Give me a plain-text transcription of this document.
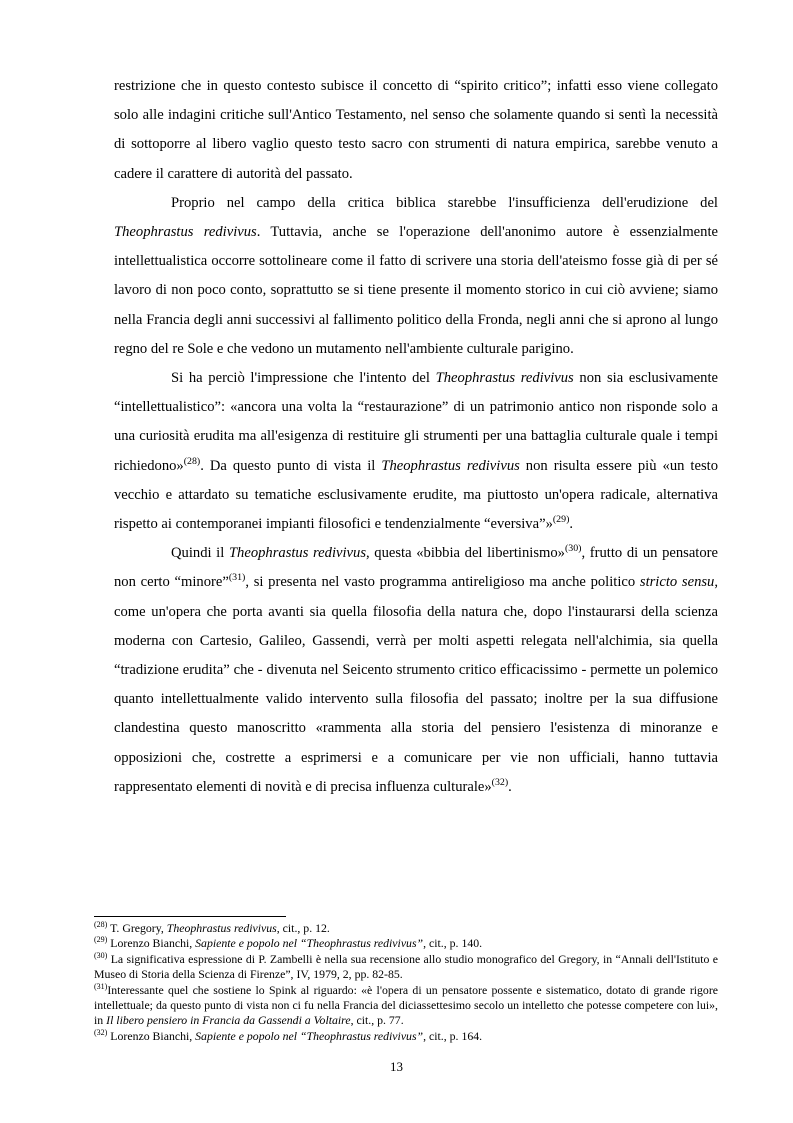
restrizione che in questo contesto subisce il concetto di “spirito critico”; infatti esso viene collegato solo alle indagini critiche sull'Antico Testamento, nel senso che solamente quando si sentì la necessità di sottoporre al libero vaglio questo testo sacro con strumenti di natura empirica, sarebbe venuto a cadere il carattere di autorità del passato.

Proprio nel campo della critica biblica starebbe l'insufficienza dell'erudizione del Theophrastus redivivus. Tuttavia, anche se l'operazione dell'anonimo autore è essenzialmente intellettualistica occorre sottolineare come il fatto di scrivere una storia dell'ateismo fosse già di per sé lavoro di non poco conto, soprattutto se si tiene presente il momento storico in cui ciò avviene; siamo nella Francia degli anni successivi al fallimento politico della Fronda, negli anni che si aprono al lungo regno del re Sole e che vedono un mutamento nell'ambiente culturale parigino.

Si ha perciò l'impressione che l'intento del Theophrastus redivivus non sia esclusivamente “intellettualistico”: «ancora una volta la “restaurazione” di un patrimonio antico non risponde solo a una curiosità erudita ma all'esigenza di restituire gli strumenti per una battaglia culturale quale i tempi richiedono»$^{(28)}$. Da questo punto di vista il Theophrastus redivivus non risulta essere più «un testo vecchio e attardato su tematiche esclusivamente erudite, ma piuttosto un'opera radicale, alternativa rispetto ai contemporanei impianti filosofici e tendenzialmente “eversiva”»$^{(29)}$.

Quindi il Theophrastus redivivus, questa «bibbia del libertinismo»$^{(30)}$, frutto di un pensatore non certo “minore”$^{(31)}$, si presenta nel vasto programma antireligioso ma anche politico stricto sensu, come un'opera che porta avanti sia quella filosofia della natura che, dopo l'instaurarsi della scienza moderna con Cartesio, Galileo, Gassendi, verrà per molti aspetti relegata nell'alchimia, sia quella “tradizione erudita” che - divenuta nel Seicento strumento critico efficacissimo - permette un polemico quanto intellettualmente valido intervento sulla filosofia del passato; inoltre per la sua diffusione clandestina questo manoscritto «rammenta alla storia del pensiero l'esistenza di minoranze e opposizioni che, costrette a esprimersi e a comunicare per vie non ufficiali, hanno tuttavia rappresentato elementi di novità e di precisa influenza culturale»$^{(32)}$.

$^{(28)}$ T. Gregory, Theophrastus redivivus, cit., p. 12.

$^{(29)}$ Lorenzo Bianchi, Sapiente e popolo nel “Theophrastus redivivus”, cit., p. 140.

$^{(30)}$ La significativa espressione di P. Zambelli è nella sua recensione allo studio monografico del Gregory, in “Annali dell'Istituto e Museo di Storia della Scienza di Firenze”, IV, 1979, 2, pp. 82-85.

$^{(31)}$Interessante quel che sostiene lo Spink al riguardo: «è l'opera di un pensatore possente e sistematico, dotato di grande rigore intellettuale; da questo punto di vista non ci fu nella Francia del diciassettesimo secolo un intelletto che potesse competere con lui», in Il libero pensiero in Francia da Gassendi a Voltaire, cit., p. 77.

$^{(32)}$ Lorenzo Bianchi, Sapiente e popolo nel “Theophrastus redivivus”, cit., p. 164.

13
